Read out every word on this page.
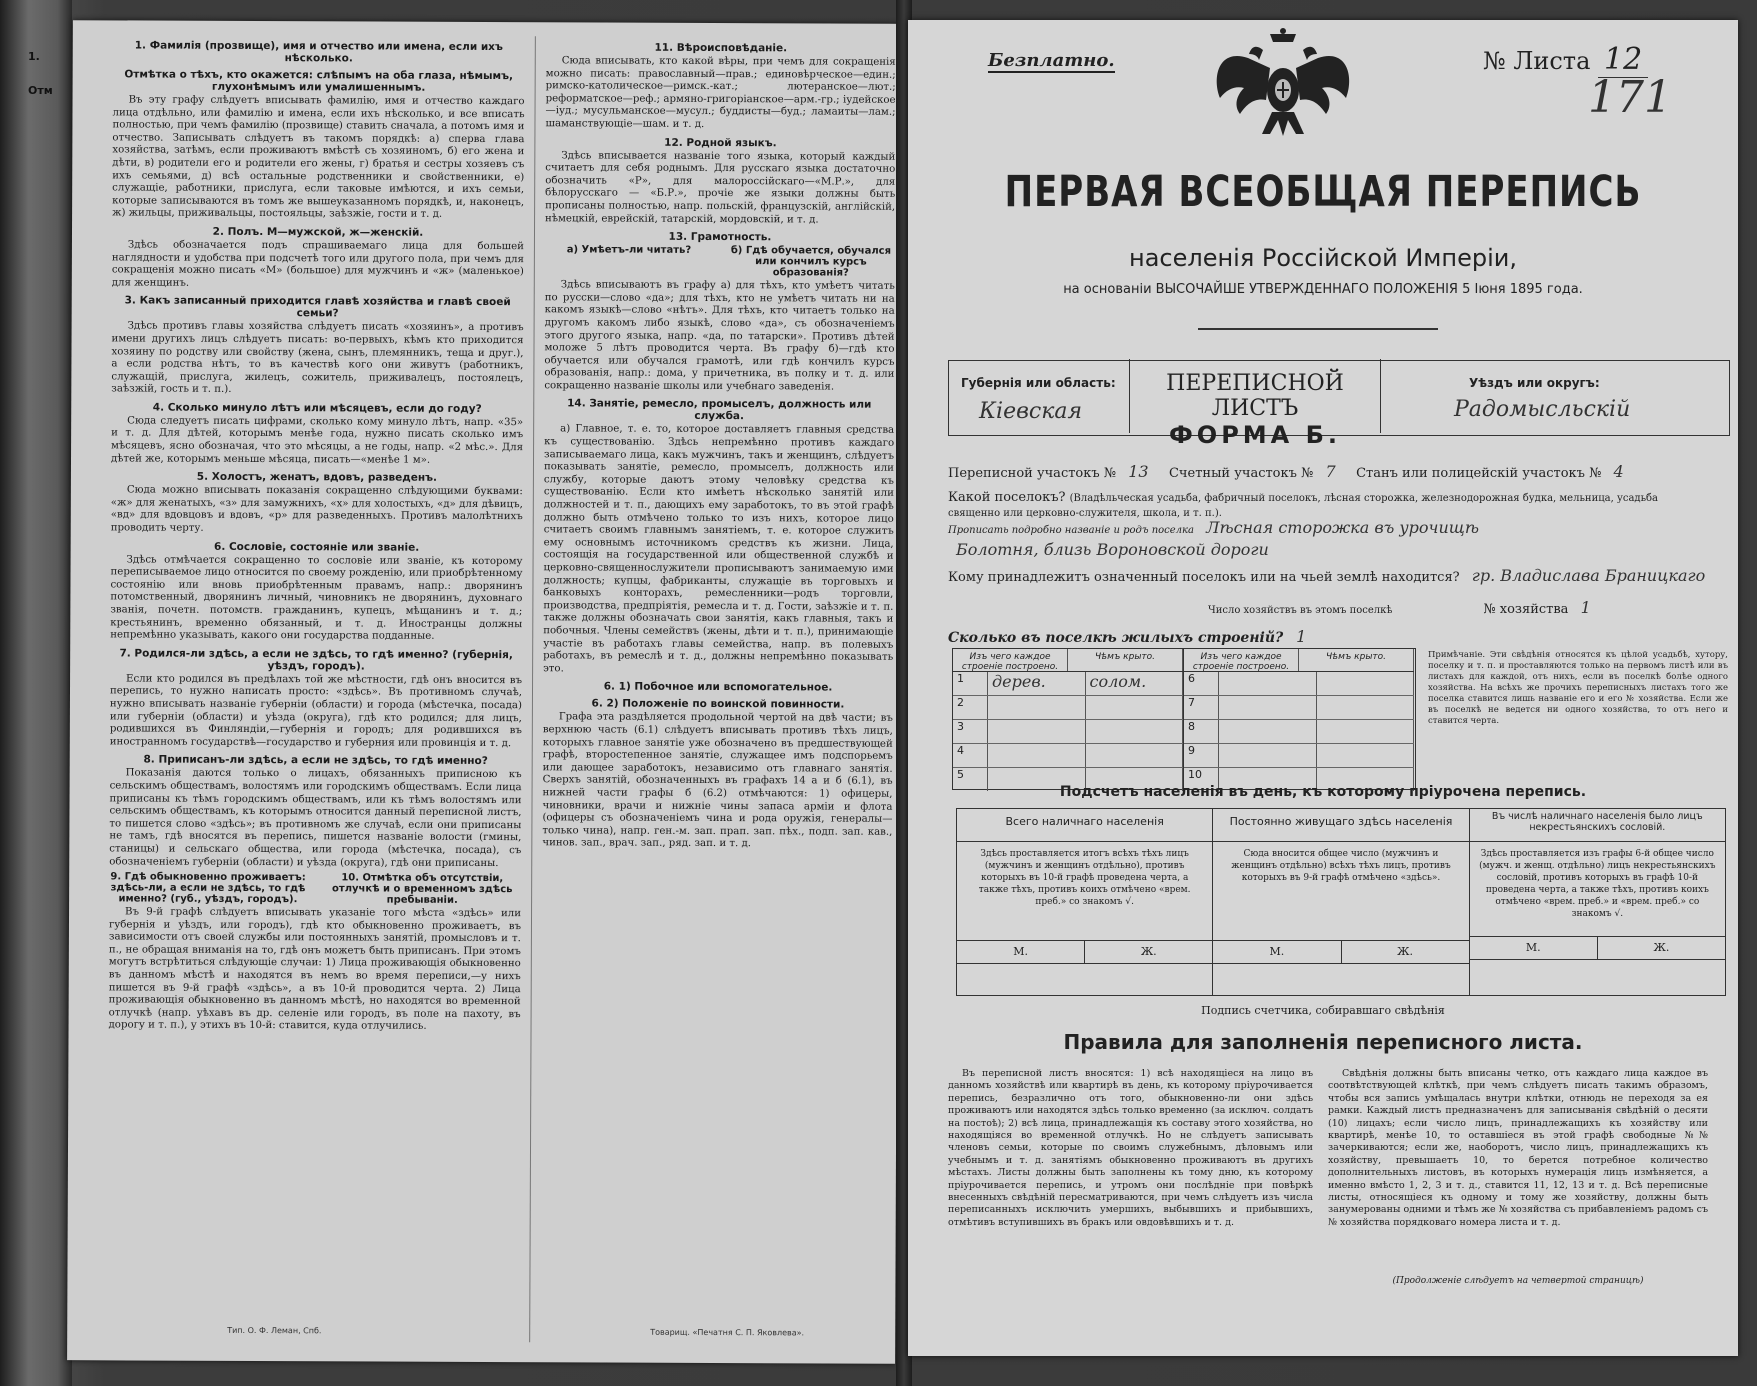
1.
Отм
1. Фамилія (прозвище), имя и отчество или имена, если ихъ нѣсколько.
Отмѣтка о тѣхъ, кто окажется: слѣпымъ на оба глаза, нѣмымъ, глухонѣмымъ или умалишеннымъ.

Въ эту графу слѣдуетъ вписывать фамилію, имя и отчество каждаго лица отдѣльно, или фамилію и имена, если ихъ нѣсколько, и все вписать полностью, при чемъ фамилію (прозвище) ставить сначала, а потомъ имя и отчество. Записывать слѣдуетъ въ такомъ порядкѣ: а) сперва глава хозяйства, затѣмъ, если проживаютъ вмѣстѣ съ хозяиномъ, б) его жена и дѣти, в) родители его и родители его жены, г) братья и сестры хозяевъ съ ихъ семьями, д) всѣ остальные родственники и свойственники, е) служащіе, работники, прислуга, если таковые имѣются, и ихъ семьи, которые записываются въ томъ же вышеуказанномъ порядкѣ, и, наконецъ, ж) жильцы, приживальцы, постояльцы, заѣзжіе, гости и т. д.

2. Полъ. М—мужской, ж—женскій.

Здѣсь обозначается подъ спрашиваемаго лица для большей наглядности и удобства при подсчетѣ того или другого пола, при чемъ для сокращенія можно писать «М» (большое) для мужчинъ и «ж» (маленькое) для женщинъ.

3. Какъ записанный приходится главѣ хозяйства и главѣ своей семьи?

Здѣсь противъ главы хозяйства слѣдуетъ писать «хозяинъ», а противъ имени другихъ лицъ слѣдуетъ писать: во-первыхъ, кѣмъ кто приходится хозяину по родству или свойству (жена, сынъ, племянникъ, теща и друг.), а если родства нѣтъ, то въ качествѣ кого они живутъ (работникъ, служащій, прислуга, жилецъ, сожитель, приживалецъ, постоялецъ, заѣзжій, гость и т. п.).

4. Сколько минуло лѣтъ или мѣсяцевъ, если до году?

Сюда следуетъ писать цифрами, сколько кому минуло лѣтъ, напр. «35» и т. д. Для дѣтей, которымъ менѣе года, нужно писать сколько имъ мѣсяцевъ, ясно обозначая, что это мѣсяцы, а не годы, напр. «2 мѣс.». Для дѣтей же, которымъ меньше мѣсяца, писать—«менѣе 1 м».

5. Холостъ, женатъ, вдовъ, разведенъ.

Сюда можно вписывать показанія сокращенно слѣдующими буквами: «ж» для женатыхъ, «з» для замужнихъ, «х» для холостыхъ, «д» для дѣвицъ, «вд» для вдовцовъ и вдовъ, «р» для разведенныхъ. Противъ малолѣтнихъ проводить черту.

6. Сословіе, состояніе или званіе.

Здѣсь отмѣчается сокращенно то сословіе или званіе, къ которому переписываемое лицо относится по своему рожденію, или приобрѣтенному состоянію или вновь приобрѣтенным правамъ, напр.: дворянинъ потомственный, дворянинъ личный, чиновникъ не дворянинъ, духовнаго званія, почетн. потомств. гражданинъ, купецъ, мѣщанинъ и т. д.; крестьянинъ, временно обязанный, и т. д. Иностранцы должны непремѣнно указывать, какого они государства подданные.

7. Родился-ли здѣсь, а если не здѣсь, то гдѣ именно? (губернія, уѣздъ, городъ).

Если кто родился въ предѣлахъ той же мѣстности, гдѣ онъ вносится въ перепись, то нужно написать просто: «здѣсь». Въ противномъ случаѣ, нужно вписывать названіе губерніи (области) и города (мѣстечка, посада) или губерніи (области) и уѣзда (округа), гдѣ кто родился; для лицъ, родившихся въ Финляндіи,—губернія и городъ; для родившихся въ иностранномъ государствѣ—государство и губерния или провинція и т. д.

8. Приписанъ-ли здѣсь, а если не здѣсь, то гдѣ именно?

Показанія даются только о лицахъ, обязанныхъ приписною къ сельскимъ обществамъ, волостямъ или городскимъ обществамъ. Если лица приписаны къ тѣмъ городскимъ обществамъ, или къ тѣмъ волостямъ или сельскимъ обществамъ, къ которымъ относится данный переписной листъ, то пишется слово «здѣсь»; въ противномъ же случаѣ, если они приписаны не тамъ, гдѣ вносятся въ перепись, пишется названіе волости (гмины, станицы) и сельскаго общества, или города (мѣстечка, посада), съ обозначеніемъ губерніи (области) и уѣзда (округа), гдѣ они приписаны.

9. Гдѣ обыкновенно проживаетъ: здѣсь-ли, а если не здѣсь, то гдѣ именно? (губ., уѣздъ, городъ).
10. Отмѣтка объ отсутствіи, отлучкѣ и о временномъ здѣсь пребываніи.

Въ 9-й графѣ слѣдуетъ вписывать указаніе того мѣста «здѣсь» или губернія и уѣздъ, или городъ), гдѣ кто обыкновенно проживаетъ, въ зависимости отъ своей службы или постоянныхъ занятій, промысловъ и т. п., не обращая вниманія на то, гдѣ онъ можетъ быть приписанъ. При этомъ могутъ встрѣтиться слѣдующіе случаи: 1) Лица проживающія обыкновенно въ данномъ мѣстѣ и находятся въ немъ во время переписи,—у нихъ пишется въ 9-й графѣ «здѣсь», а въ 10-й проводится черта. 2) Лица проживающія обыкновенно въ данномъ мѣстѣ, но находятся во временной отлучкѣ (напр. уѣхавъ въ др. селеніе или городъ, въ поле на пахоту, въ дорогу и т. п.), у этихъ въ 10-й: ставится, куда отлучились.

Тип. О. Ф. Леман, Спб.
11. Вѣроисповѣданіе.

Сюда вписывать, кто какой вѣры, при чемъ для сокращенія можно писать: православный—прав.; единовѣрческое—един.; римско-католическое—римск.-кат.; лютеранское—лют.; реформатское—реф.; армяно-григоріанское—арм.-гр.; іудейское—іуд.; мусульманское—мусул.; буддисты—буд.; ламаиты—лам.; шаманствующіе—шам. и т. д.

12. Родной языкъ.

Здѣсь вписывается названіе того языка, который каждый считаетъ для себя роднымъ. Для русскаго языка достаточно обозначить «Р», для малороссійскаго—«М.Р.», для бѣлорусскаго — «Б.Р.», прочіе же языки должны быть прописаны полностью, напр. польскій, французскій, англійскій, нѣмецкій, еврейскій, татарскій, мордовскій, и т. д.

13. Грамотность.
а) Умѣетъ-ли читать?	б) Гдѣ обучается, обучался или кончилъ курсъ образованія?

Здѣсь вписываютъ въ графу а) для тѣхъ, кто умѣетъ читать по русски—слово «да»; для тѣхъ, кто не умѣетъ читать ни на какомъ языкѣ—слово «нѣтъ». Для тѣхъ, кто читаетъ только на другомъ какомъ либо языкѣ, слово «да», съ обозначеніемъ этого другого языка, напр. «да, по татарски». Противъ дѣтей моложе 5 лѣтъ проводится черта. Въ графу б)—гдѣ кто обучается или обучался грамотѣ, или гдѣ кончилъ курсъ образованія, напр.: дома, у причетника, въ полку и т. д. или сокращенно названіе школы или учебнаго заведенія.

14. Занятіе, ремесло, промыселъ, должность или служба.

а) Главное, т. е. то, которое доставляетъ главныя средства къ существованію. Здѣсь непремѣнно противъ каждаго записываемаго лица, какъ мужчинъ, такъ и женщинъ, слѣдуетъ показывать занятіе, ремесло, промыселъ, должность или службу, которые даютъ этому человѣку средства къ существованію. Если кто имѣетъ нѣсколько занятій или должностей и т. п., дающихъ ему заработокъ, то въ этой графѣ должно быть отмѣчено только то изъ нихъ, которое лицо считаетъ своимъ главнымъ занятіемъ, т. е. которое служитъ ему основнымъ источникомъ средствъ къ жизни. Лица, состоящія на государственной или общественной службѣ и церковно-священнослужители прописываютъ занимаемую ими должность; купцы, фабриканты, служащіе въ торговыхъ и банковыхъ конторахъ, ремесленники—родъ торговли, производства, предпріятія, ремесла и т. д. Гости, заѣзжіе и т. п. также должны обозначать свои занятія, какъ главныя, такъ и побочныя. Члены семействъ (жены, дѣти и т. п.), принимающіе участіе въ работахъ главы семейства, напр. въ полевыхъ работахъ, въ ремеслѣ и т. д., должны непремѣнно показывать это.

6. 1) Побочное или вспомогательное.
6. 2) Положеніе по воинской повинности.

Графа эта раздѣляется продольной чертой на двѣ части; въ верхнюю часть (6.1) слѣдуетъ вписывать противъ тѣхъ лицъ, которыхъ главное занятіе уже обозначено въ предшествующей графѣ, второстепенное занятіе, служащее имъ подспорьемъ или дающее заработокъ, независимо отъ главнаго занятія. Сверхъ занятій, обозначенныхъ въ графахъ 14 а и б (6.1), въ нижней части графы б (6.2) отмѣчаются: 1) офицеры, чиновники, врачи и нижніе чины запаса арміи и флота (офицеры съ обозначеніемъ чина и рода оружія, генералы—только чина), напр. ген.-м. зап. прап. зап. пѣх., подп. зап. кав., чинов. зап., врач. зап., ряд. зап. и т. д.

Товарищ. «Печатня С. П. Яковлева».
Безплатно.	№ Листа 12
171
ПЕРВАЯ ВСЕОБЩАЯ ПЕРЕПИСЬ
населенія Россійской Имперіи,
на основаніи ВЫСОЧАЙШЕ УТВЕРЖДЕННАГО ПОЛОЖЕНІЯ 5 Іюня 1895 года.
Губернія или область:
Кіевская
ПЕРЕПИСНОЙ ЛИСТЪ
ФОРМА Б.
Уѣздъ или округъ:
Радомысльскій
Переписной участокъ № 13 Счетный участокъ № 7 Станъ или полицейскій участокъ № 4
Какой поселокъ? (Владѣльческая усадьба, фабричный поселокъ, лѣсная сторожка, железнодорожная будка, мельница, усадьба священно или церковно-служителя, школа, и т. п.).
Прописать подробно названіе и родъ поселка Лѣсная сторожка въ урочищѣ
Болотня, близь Вороновской дороги
Кому принадлежитъ означенный поселокъ или на чьей землѣ находится? гр. Владислава Браницкаго
Число хозяйствъ въ этомъ поселкѣ	№ хозяйства 1
Сколько въ поселкѣ жилыхъ строеній? 1
Изъ чего каждое строеніе построено.
Чѣмъ крыто.
1	дерев.	солом.
2
3
4
5
Изъ чего каждое строеніе построено.
Чѣмъ крыто.
6
7
8
9
10
Примѣчаніе. Эти свѣдѣнія относятся къ цѣлой усадьбѣ, хутору, поселку и т. п. и проставляются только на первомъ листѣ или въ листахъ для каждой, отъ нихъ, если въ поселкѣ болѣе одного хозяйства. На всѣхъ же прочихъ переписныхъ листахъ того же поселка ставится лишь названіе его и его № хозяйства. Если же въ поселкѣ не ведется ни одного хозяйства, то отъ него и ставится черта.
Подсчетъ населенія въ день, къ которому пріурочена перепись.
Всего наличнаго населенія
Здѣсь проставляется итогъ всѣхъ тѣхъ лицъ (мужчинъ и женщинъ отдѣльно), противъ которыхъ въ 10-й графѣ проведена черта, а также тѣхъ, противъ коихъ отмѣчено «врем. преб.» со знакомъ √.
М.	Ж.
Постоянно живущаго здѣсь населенія
Сюда вносится общее число (мужчинъ и женщинъ отдѣльно) всѣхъ тѣхъ лицъ, противъ которыхъ въ 9-й графѣ отмѣчено «здѣсь».
М.	Ж.
Въ числѣ наличнаго населенія было лицъ некрестьянскихъ сословій.
Здѣсь проставляется изъ графы 6-й общее число (мужч. и женщ. отдѣльно) лицъ некрестьянскихъ сословій, противъ которыхъ въ графѣ 10-й проведена черта, а также тѣхъ, противъ коихъ отмѣчено «врем. преб.» и «врем. преб.» со знакомъ √.
М.	Ж.
Подпись счетчика, собиравшаго свѣдѣнія
Правила для заполненія переписного листа.

Въ переписной листъ вносятся: 1) всѣ находящіеся на лицо въ данномъ хозяйствѣ или квартирѣ въ день, къ которому пріурочивается перепись, безразлично отъ того, обыкновенно-ли они здѣсь проживаютъ или находятся здѣсь только временно (за исключ. солдатъ на постоѣ); 2) всѣ лица, принадлежащія къ составу этого хозяйства, но находящіяся во временной отлучкѣ. Но не слѣдуетъ записывать членовъ семьи, которые по своимъ служебнымъ, дѣловымъ или учебнымъ и т. д. занятіямъ обыкновенно проживаютъ въ другихъ мѣстахъ. Листы должны быть заполнены къ тому дню, къ которому пріурочивается перепись, и утромъ они послѣдніе при повѣркѣ внесенныхъ свѣдѣній пересматриваются, при чемъ слѣдуетъ изъ числа переписанныхъ исключить умершихъ, выбывшихъ и прибывшихъ, отмѣтивъ вступившихъ въ бракъ или овдовѣвшихъ и т. д.

Свѣдѣнія должны быть вписаны четко, отъ каждаго лица каждое въ соотвѣтствующей клѣткѣ, при чемъ слѣдуетъ писать такимъ образомъ, чтобы вся запись умѣщалась внутри клѣтки, отнюдь не переходя за ея рамки. Каждый листъ предназначенъ для записыванія свѣдѣній о десяти (10) лицахъ; если число лицъ, принадлежащихъ къ хозяйству или квартирѣ, менѣе 10, то оставшіеся въ этой графѣ свободные №№ зачеркиваются; если же, наоборотъ, число лицъ, принадлежащихъ къ хозяйству, превышаетъ 10, то берется потребное количество дополнительныхъ листовъ, въ которыхъ нумерація лицъ измѣняется, а именно вмѣсто 1, 2, 3 и т. д., ставится 11, 12, 13 и т. д. Всѣ переписные листы, относящіеся къ одному и тому же хозяйству, должны быть занумерованы одними и тѣмъ же № хозяйства съ прибавленіемъ радомъ съ № хозяйства порядковаго номера листа и т. д.

(Продолженіе слѣдуетъ на четвертой страницѣ)
